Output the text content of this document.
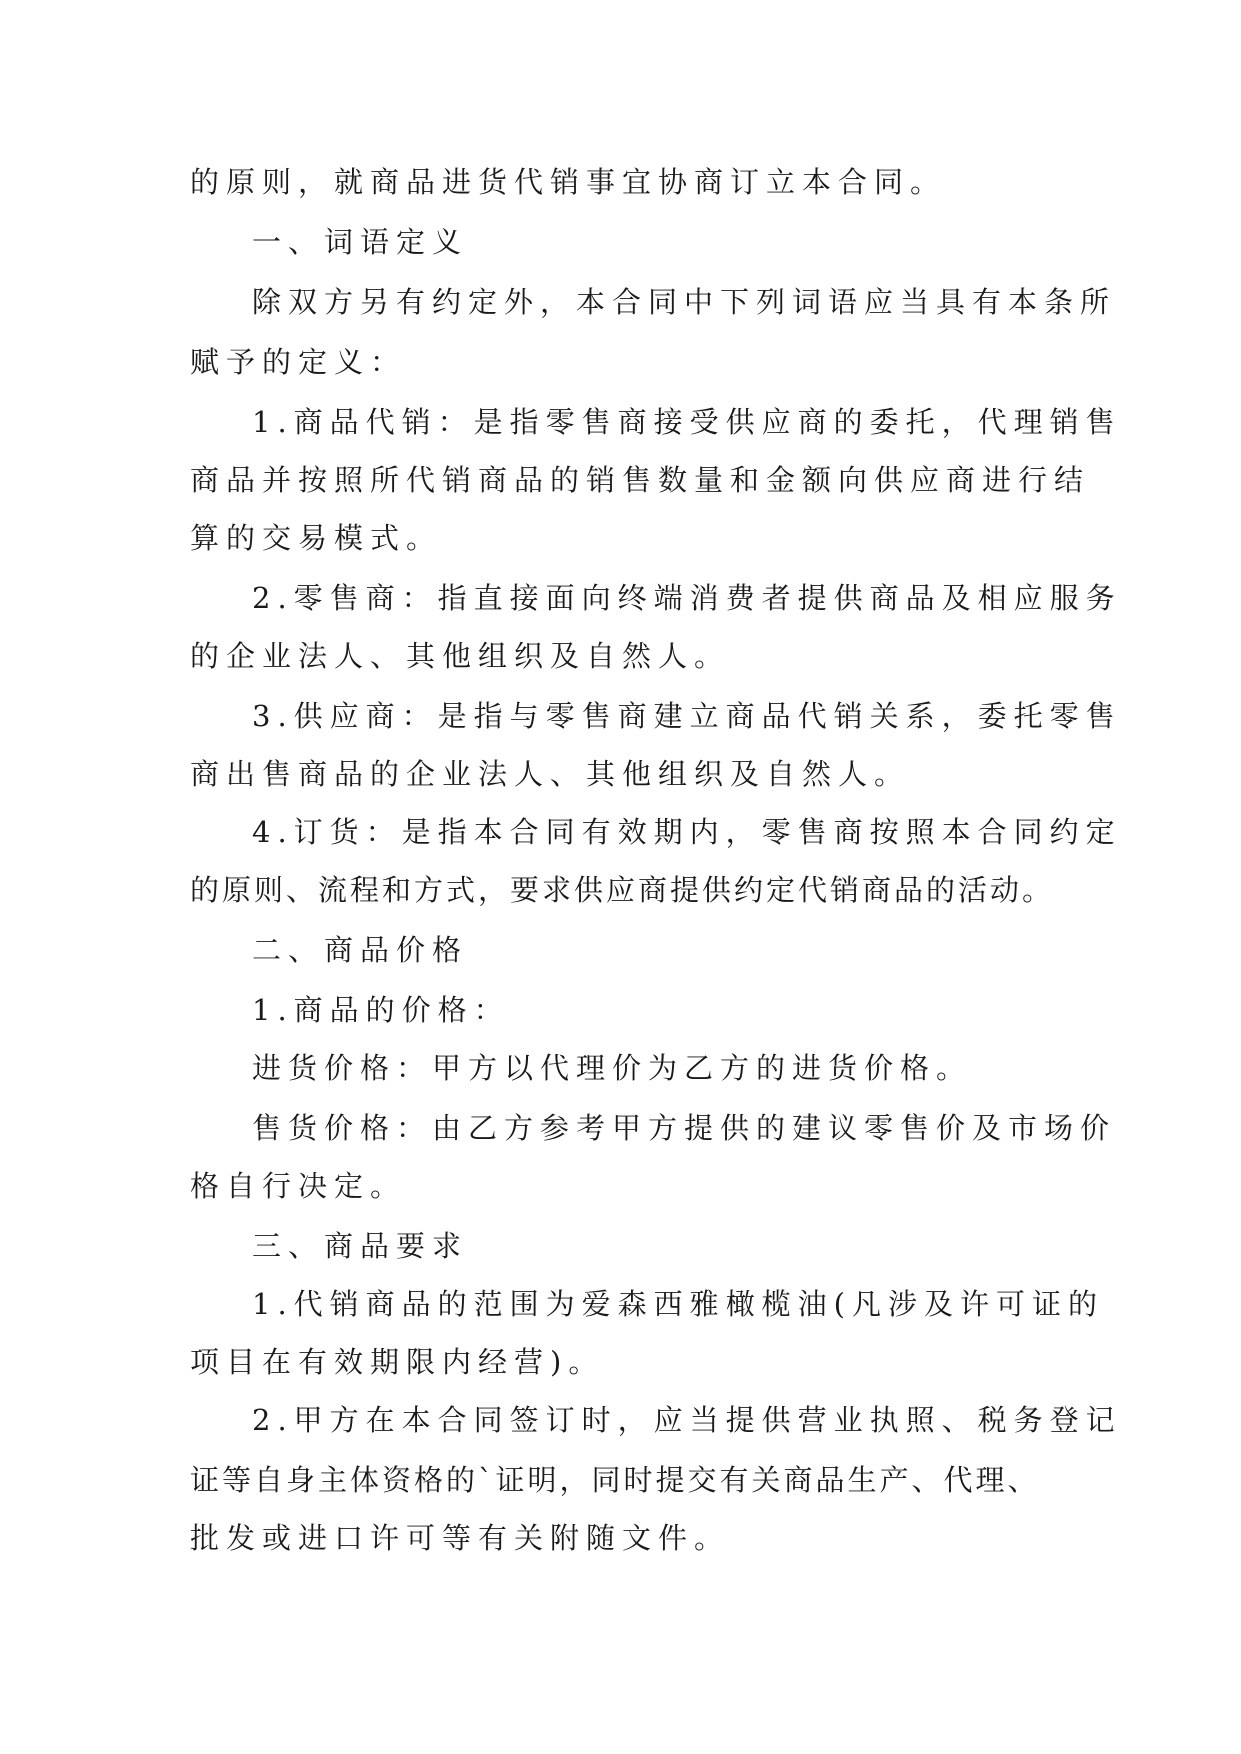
的原则，就商品进货代销事宜协商订立本合同。
一、词语定义
除双方另有约定外，本合同中下列词语应当具有本条所
赋予的定义：
1.商品代销：是指零售商接受供应商的委托，代理销售
商品并按照所代销商品的销售数量和金额向供应商进行结
算的交易模式。
2.零售商：指直接面向终端消费者提供商品及相应服务
的企业法人、其他组织及自然人。
3.供应商：是指与零售商建立商品代销关系，委托零售
商出售商品的企业法人、其他组织及自然人。
4.订货：是指本合同有效期内，零售商按照本合同约定
的原则、流程和方式，要求供应商提供约定代销商品的活动。
二、商品价格
1.商品的价格：
进货价格：甲方以代理价为乙方的进货价格。
售货价格：由乙方参考甲方提供的建议零售价及市场价
格自行决定。
三、商品要求
1.代销商品的范围为爱森西雅橄榄油(凡涉及许可证的
项目在有效期限内经营)。
2.甲方在本合同签订时，应当提供营业执照、税务登记
证等自身主体资格的`证明，同时提交有关商品生产、代理、
批发或进口许可等有关附随文件。
